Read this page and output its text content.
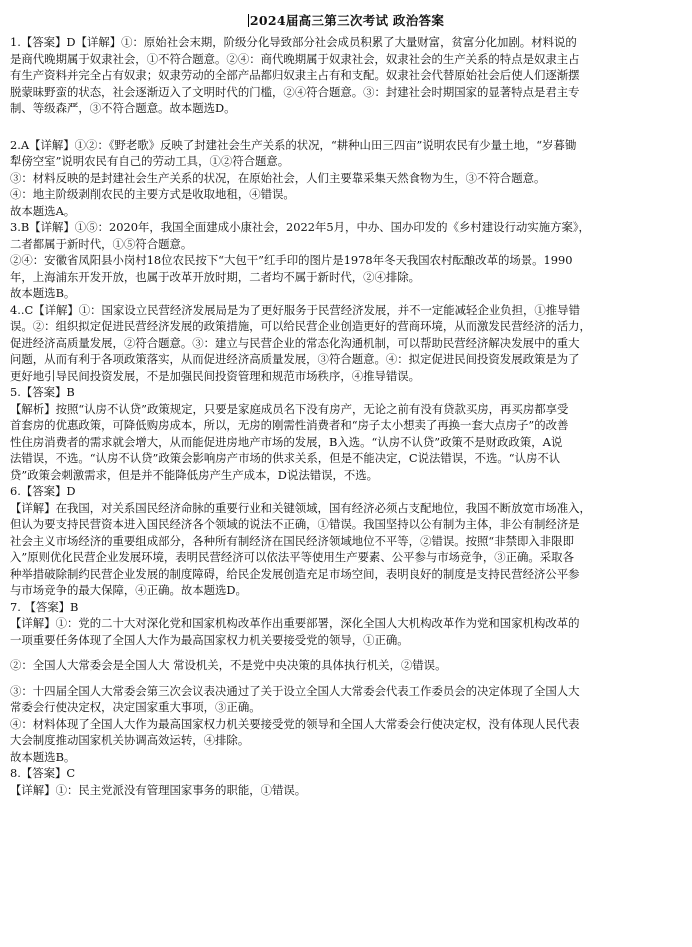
2024届高三第三次考试 政治答案
1.【答案】D【详解】①：原始社会末期，阶级分化导致部分社会成员积累了大量财富，贫富分化加剧。材料说的
是商代晚期属于奴隶社会，①不符合题意。②④：商代晚期属于奴隶社会，奴隶社会的生产关系的特点是奴隶主占
有生产资料并完全占有奴隶；奴隶劳动的全部产品都归奴隶主占有和支配。奴隶社会代替原始社会后使人们逐渐摆
脱蒙昧野蛮的状态，社会逐渐迈入了文明时代的门槛，②④符合题意。③：封建社会时期国家的显著特点是君主专
制、等级森严，③不符合题意。故本题选D。
2.A【详解】①②：《野老歌》反映了封建社会生产关系的状况，“耕种山田三四亩”说明农民有少量土地，“岁暮锄
犁傍空室”说明农民有自己的劳动工具，①②符合题意。
③：材料反映的是封建社会生产关系的状况，在原始社会，人们主要靠采集天然食物为生，③不符合题意。
④：地主阶级剥削农民的主要方式是收取地租，④错误。
故本题选A。
3.B【详解】①⑤：2020年，我国全面建成小康社会，2022年5月，中办、国办印发的《乡村建设行动实施方案》，
二者都属于新时代，①⑤符合题意。
②④：安徽省凤阳县小岗村18位农民按下“大包干”红手印的图片是1978年冬天我国农村酝酿改革的场景。1990
年，上海浦东开发开放，也属于改革开放时期，二者均不属于新时代，②④排除。
故本题选B。
4..C【详解】①：国家设立民营经济发展局是为了更好服务于民营经济发展，并不一定能减轻企业负担，①推导错
误。②：组织拟定促进民营经济发展的政策措施，可以给民营企业创造更好的营商环境，从而激发民营经济的活力，
促进经济高质量发展，②符合题意。③：建立与民营企业的常态化沟通机制，可以帮助民营经济解决发展中的重大
问题，从而有利于各项政策落实，从而促进经济高质量发展，③符合题意。④：拟定促进民间投资发展政策是为了
更好地引导民间投资发展，不是加强民间投资管理和规范市场秩序，④推导错误。
5.【答案】B
【解析】按照“认房不认贷”政策规定，只要是家庭成员名下没有房产，无论之前有没有贷款买房，再买房都享受
首套房的优惠政策，可降低购房成本，所以，无房的刚需性消费者和“房子太小想卖了再换一套大点房子”的改善
性住房消费者的需求就会增大，从而能促进房地产市场的发展，B入选。“认房不认贷”政策不是财政政策，A说
法错误，不选。“认房不认贷”政策会影响房产市场的供求关系，但是不能决定，C说法错误，不选。“认房不认
贷”政策会刺激需求，但是并不能降低房产生产成本，D说法错误，不选。
6.【答案】D
【详解】在我国，对关系国民经济命脉的重要行业和关键领域，国有经济必须占支配地位，我国不断放宽市场准入，
但认为要支持民营资本进入国民经济各个领域的说法不正确，①错误。我国坚持以公有制为主体，非公有制经济是
社会主义市场经济的重要组成部分，各种所有制经济在国民经济领域地位不平等，②错误。按照“非禁即入非限即
入”原则优化民营企业发展环境，表明民营经济可以依法平等使用生产要素、公平参与市场竞争，③正确。采取各
种举措破除制约民营企业发展的制度障碍，给民企发展创造充足市场空间，表明良好的制度是支持民营经济公平参
与市场竞争的最大保障，④正确。故本题选D。
7. 【答案】B
【详解】①：党的二十大对深化党和国家机构改革作出重要部署，深化全国人大机构改革作为党和国家机构改革的
一项重要任务体现了全国人大作为最高国家权力机关要接受党的领导，①正确。
②：全国人大常委会是全国人大 常设机关，不是党中央决策的具体执行机关，②错误。
③：十四届全国人大常委会第三次会议表决通过了关于设立全国人大常委会代表工作委员会的决定体现了全国人大
常委会行使决定权，决定国家重大事项，③正确。
④：材料体现了全国人大作为最高国家权力机关要接受党的领导和全国人大常委会行使决定权，没有体现人民代表
大会制度推动国家机关协调高效运转，④排除。
故本题选B。
8.【答案】C
【详解】①：民主党派没有管理国家事务的职能，①错误。
